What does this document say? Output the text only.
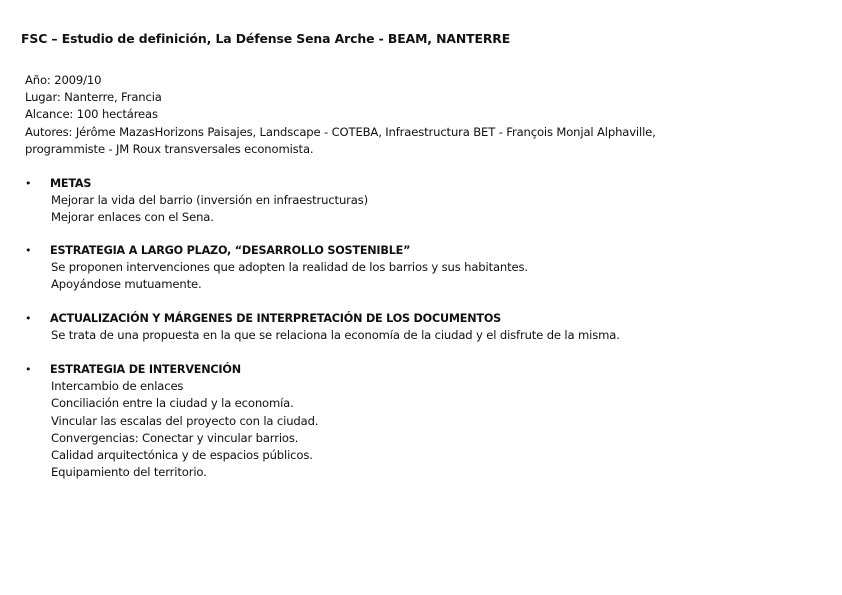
FSC – Estudio de definición, La Défense Sena Arche - BEAM, NANTERRE
Año: 2009/10
Lugar: Nanterre, Francia
Alcance: 100 hectáreas
Autores: Jérôme MazasHorizons Paisajes, Landscape - COTEBA, Infraestructura BET - François Monjal Alphaville,
programmiste - JM Roux transversales economista.
• METAS
Mejorar la vida del barrio (inversión en infraestructuras)
Mejorar enlaces con el Sena.
• ESTRATEGIA A LARGO PLAZO, “DESARROLLO SOSTENIBLE”
Se proponen intervenciones que adopten la realidad de los barrios y sus habitantes.
Apoyándose mutuamente.
• ACTUALIZACIÓN Y MÁRGENES DE INTERPRETACIÓN DE LOS DOCUMENTOS
Se trata de una propuesta en la que se relaciona la economía de la ciudad y el disfrute de la misma.
• ESTRATEGIA DE INTERVENCIÓN
Intercambio de enlaces
Conciliación entre la ciudad y la economía.
Vincular las escalas del proyecto con la ciudad.
Convergencias: Conectar y vincular barrios.
Calidad arquitectónica y de espacios públicos.
Equipamiento del territorio.
